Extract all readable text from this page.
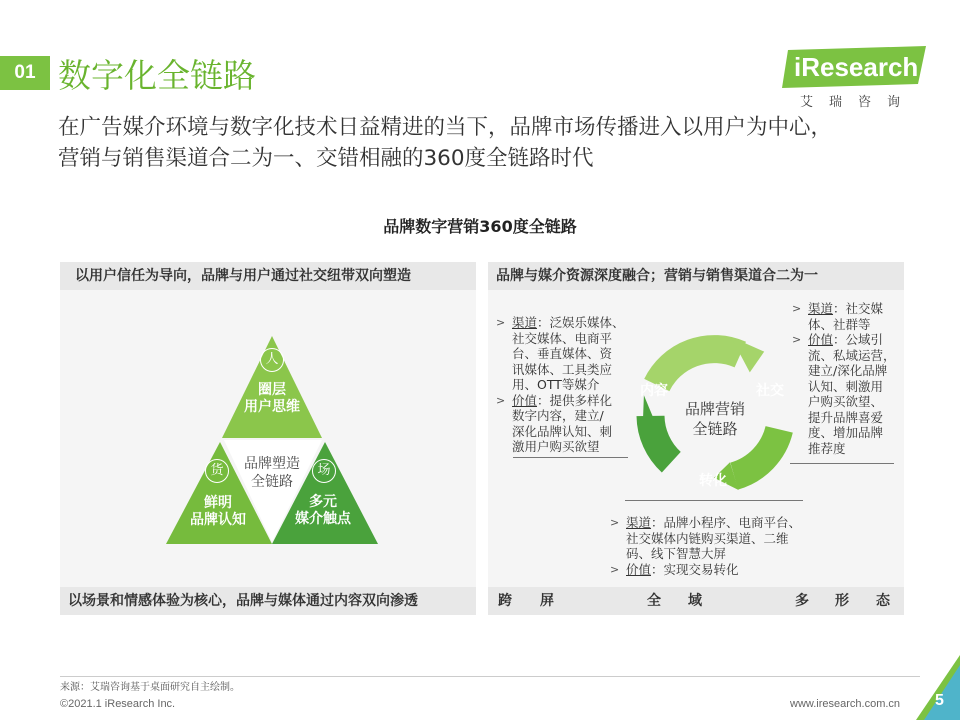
01 数字化全链路	iResearch
艾瑞咨询
在广告媒介环境与数字化技术日益精进的当下，品牌市场传播进入以用户为中心，
营销与销售渠道合二为一、交错相融的360度全链路时代
品牌数字营销360度全链路
以用户信任为导向，品牌与用户通过社交纽带双向塑造
以场景和情感体验为核心，品牌与媒体通过内容双向渗透
人
圈层
用户思维
货
鲜明
品牌认知
场
多元
媒介触点
品牌塑造
全链路
品牌与媒介资源深度融合；营销与销售渠道合二为一
跨 屏	全 域	多 形 态
内容	社交
转化
品牌营销
全链路

> 渠道：泛娱乐媒体、
社交媒体、电商平
台、垂直媒体、资
讯媒体、工具类应
用、OTT等媒介

> 价值：提供多样化
数字内容，建立/
深化品牌认知、刺
激用户购买欲望

> 渠道：社交媒
体、社群等

> 价值：公域引
流、私域运营，
建立/深化品牌
认知、刺激用
户购买欲望、
提升品牌喜爱
度、增加品牌
推荐度

> 渠道：品牌小程序、电商平台、
社交媒体内链购买渠道、二维
码、线下智慧大屏

> 价值：实现交易转化

来源：艾瑞咨询基于桌面研究自主绘制。
©2021.1 iResearch Inc.	www.iresearch.com.cn 5
